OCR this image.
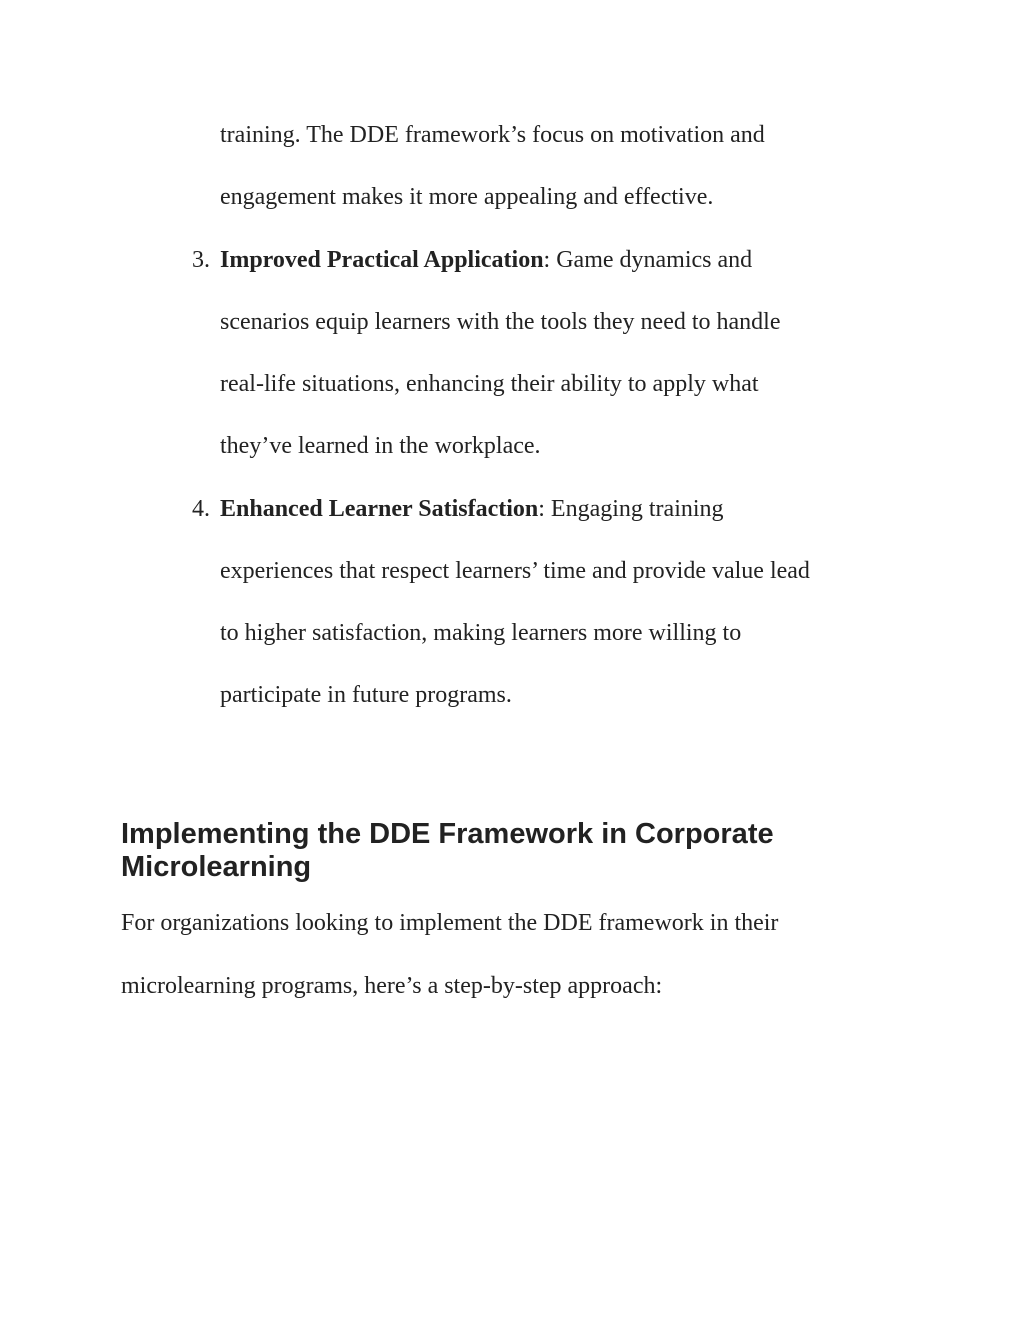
training. The DDE framework’s focus on motivation and
engagement makes it more appealing and effective.
3. Improved Practical Application: Game dynamics and
scenarios equip learners with the tools they need to handle
real-life situations, enhancing their ability to apply what
they’ve learned in the workplace.
4. Enhanced Learner Satisfaction: Engaging training
experiences that respect learners’ time and provide value lead
to higher satisfaction, making learners more willing to
participate in future programs.
Implementing the DDE Framework in Corporate Microlearning
For organizations looking to implement the DDE framework in their
microlearning programs, here’s a step-by-step approach:
